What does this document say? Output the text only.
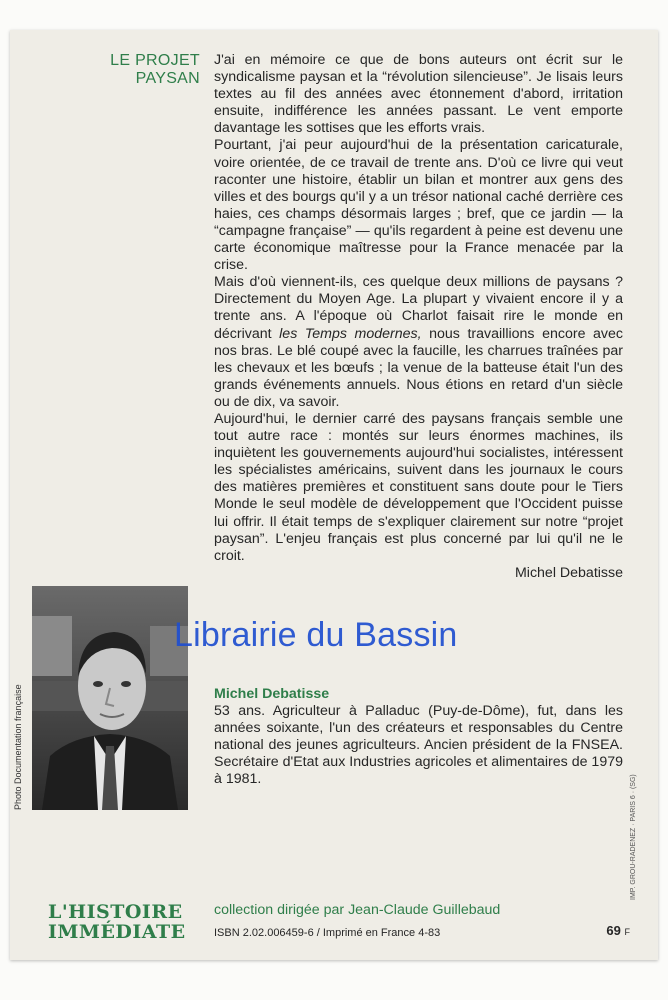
LE PROJET PAYSAN

J'ai en mémoire ce que de bons auteurs ont écrit sur le syndicalisme paysan et la “révolution silencieuse”. Je lisais leurs textes au fil des années avec étonnement d'abord, irritation ensuite, indifférence les années passant. Le vent emporte davantage les sottises que les efforts vrais.

Pourtant, j'ai peur aujourd'hui de la présentation caricaturale, voire orientée, de ce travail de trente ans. D'où ce livre qui veut raconter une histoire, établir un bilan et montrer aux gens des villes et des bourgs qu'il y a un trésor national caché derrière ces haies, ces champs désormais larges ; bref, que ce jardin — la “campagne française” — qu'ils regardent à peine est devenu une carte économique maîtresse pour la France menacée par la crise.

Mais d'où viennent-ils, ces quelque deux millions de paysans ? Directement du Moyen Age. La plupart y vivaient encore il y a trente ans. A l'époque où Charlot faisait rire le monde en décrivant les Temps modernes, nous travaillions encore avec nos bras. Le blé coupé avec la faucille, les charrues traînées par les chevaux et les bœufs ; la venue de la batteuse était l'un des grands événements annuels. Nous étions en retard d'un siècle ou de dix, va savoir.

Aujourd'hui, le dernier carré des paysans français semble une tout autre race : montés sur leurs énormes machines, ils inquiètent les gouvernements aujourd'hui socialistes, intéressent les spécialistes américains, suivent dans les journaux le cours des matières premières et constituent sans doute pour le Tiers Monde le seul modèle de développement que l'Occident puisse lui offrir. Il était temps de s'expliquer clairement sur notre “projet paysan”. L'enjeu français est plus concerné par lui qu'il ne le croit.

Michel Debatisse
Photo Documentation française	Michel Debatisse
53 ans. Agriculteur à Palladuc (Puy-de-Dôme), fut, dans les années soixante, l'un des créateurs et responsables du Centre national des jeunes agriculteurs. Ancien président de la FNSEA. Secrétaire d'Etat aux Industries agricoles et alimentaires de 1979 à 1981.
Librairie du Bassin
IMP. GROU-RADENEZ · PARIS 6 · (SG)
L'HISTOIRE
IMMÉDIATE
collection dirigée par Jean-Claude Guillebaud
ISBN 2.02.006459-6 / Imprimé en France 4-83	69 F
